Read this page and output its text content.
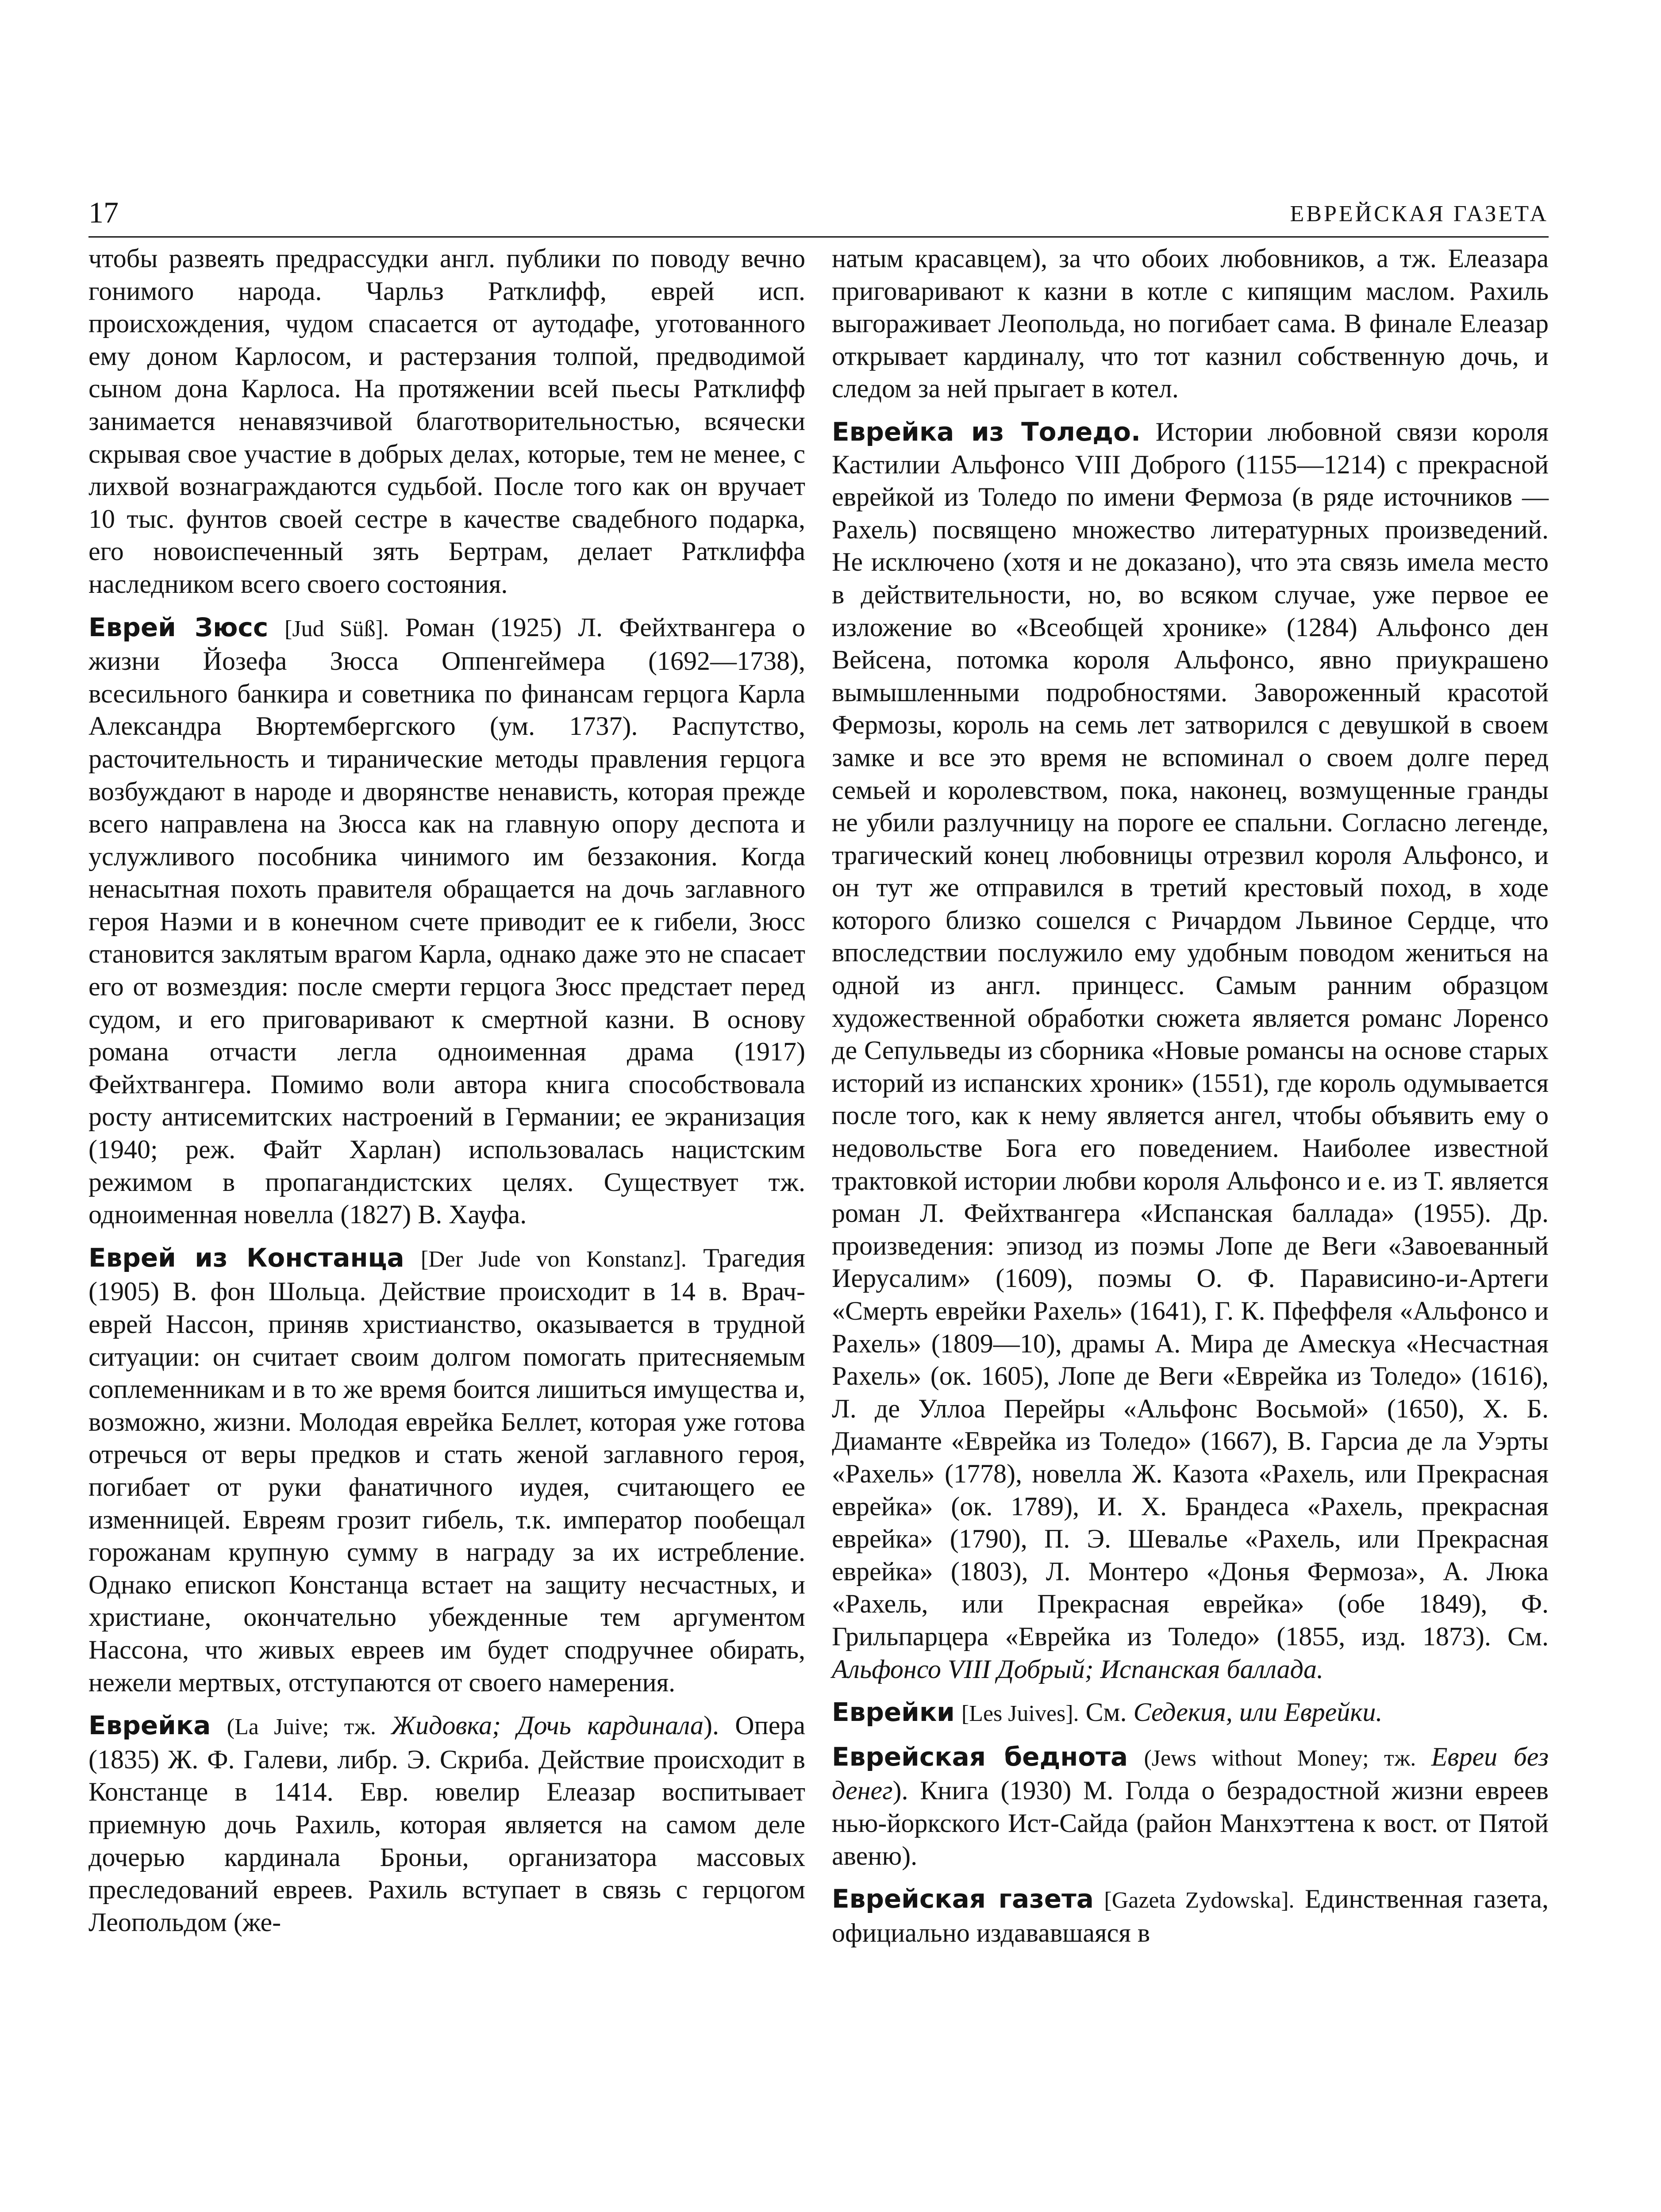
17	ЕВРЕЙСКАЯ ГАЗЕТА

чтобы развеять предрассудки англ. публики по поводу вечно гонимого народа. Чарльз Ратклифф, еврей исп. происхождения, чудом спасается от аутодафе, уготованного ему доном Карлосом, и растерзания толпой, предводимой сыном дона Карлоса. На протяжении всей пьесы Ратклифф занимается ненавязчивой благотворительностью, всячески скрывая свое участие в добрых делах, которые, тем не менее, с лихвой вознаграждаются судьбой. После того как он вручает 10 тыс. фунтов своей сестре в качестве свадебного подарка, его новоиспеченный зять Бертрам, делает Ратклиффа наследником всего своего состояния.

Еврей Зюсс [Jud Süß]. Роман (1925) Л. Фейхтвангера о жизни Йозефа Зюсса Оппенгеймера (1692—1738), всесильного банкира и советника по финансам герцога Карла Александра Вюртембергского (ум. 1737). Распутство, расточительность и тиранические методы правления герцога возбуждают в народе и дворянстве ненависть, которая прежде всего направлена на Зюсса как на главную опору деспота и услужливого пособника чинимого им беззакония. Когда ненасытная похоть правителя обращается на дочь заглавного героя Наэми и в конечном счете приводит ее к гибели, Зюсс становится заклятым врагом Карла, однако даже это не спасает его от возмездия: после смерти герцога Зюсс предстает перед судом, и его приговаривают к смертной казни. В основу романа отчасти легла одноименная драма (1917) Фейхтвангера. Помимо воли автора книга способствовала росту антисемитских настроений в Германии; ее экранизация (1940; реж. Файт Харлан) использовалась нацистским режимом в пропагандистских целях. Существует тж. одноименная новелла (1827) В. Хауфа.

Еврей из Констанца [Der Jude von Konstanz]. Трагедия (1905) В. фон Шольца. Действие происходит в 14 в. Врач-еврей Нассон, приняв христианство, оказывается в трудной ситуации: он считает своим долгом помогать притесняемым соплеменникам и в то же время боится лишиться имущества и, возможно, жизни. Молодая еврейка Беллет, которая уже готова отречься от веры предков и стать женой заглавного героя, погибает от руки фанатичного иудея, считающего ее изменницей. Евреям грозит гибель, т.к. император пообещал горожанам крупную сумму в награду за их истребление. Однако епископ Констанца встает на защиту несчастных, и христиане, окончательно убежденные тем аргументом Нассона, что живых евреев им будет сподручнее обирать, нежели мертвых, отступаются от своего намерения.

Еврейка (La Juive; тж. Жидовка; Дочь кардинала). Опера (1835) Ж. Ф. Галеви, либр. Э. Скриба. Действие происходит в Констанце в 1414. Евр. ювелир Елеазар воспитывает приемную дочь Рахиль, которая является на самом деле дочерью кардинала Броньи, организатора массовых преследований евреев. Рахиль вступает в связь с герцогом Леопольдом (же-

натым красавцем), за что обоих любовников, а тж. Елеазара приговаривают к казни в котле с кипящим маслом. Рахиль выгораживает Леопольда, но погибает сама. В финале Елеазар открывает кардиналу, что тот казнил собственную дочь, и следом за ней прыгает в котел.

Еврейка из Толедо. Истории любовной связи короля Кастилии Альфонсо VIII Доброго (1155—1214) с прекрасной еврейкой из Толедо по имени Фермоза (в ряде источников — Рахель) посвящено множество литературных произведений. Не исключено (хотя и не доказано), что эта связь имела место в действительности, но, во всяком случае, уже первое ее изложение во «Всеобщей хронике» (1284) Альфонсо ден Вейсена, потомка короля Альфонсо, явно приукрашено вымышленными подробностями. Завороженный красотой Фермозы, король на семь лет затворился с девушкой в своем замке и все это время не вспоминал о своем долге перед семьей и королевством, пока, наконец, возмущенные гранды не убили разлучницу на пороге ее спальни. Согласно легенде, трагический конец любовницы отрезвил короля Альфонсо, и он тут же отправился в третий крестовый поход, в ходе которого близко сошелся с Ричардом Львиное Сердце, что впоследствии послужило ему удобным поводом жениться на одной из англ. принцесс. Самым ранним образцом художественной обработки сюжета является романс Лоренсо де Сепульведы из сборника «Новые романсы на основе старых историй из испанских хроник» (1551), где король одумывается после того, как к нему является ангел, чтобы объявить ему о недовольстве Бога его поведением. Наиболее известной трактовкой истории любви короля Альфонсо и е. из Т. является роман Л. Фейхтвангера «Испанская баллада» (1955). Др. произведения: эпизод из поэмы Лопе де Веги «Завоеванный Иерусалим» (1609), поэмы О. Ф. Парависино-и-Артеги «Смерть еврейки Рахель» (1641), Г. К. Пфеффеля «Альфонсо и Рахель» (1809—10), драмы А. Мира де Амескуа «Несчастная Рахель» (ок. 1605), Лопе де Веги «Еврейка из Толедо» (1616), Л. де Уллоа Перейры «Альфонс Восьмой» (1650), Х. Б. Диаманте «Еврейка из Толедо» (1667), В. Гарсиа де ла Уэрты «Рахель» (1778), новелла Ж. Казота «Рахель, или Прекрасная еврейка» (ок. 1789), И. Х. Брандеса «Рахель, прекрасная еврейка» (1790), П. Э. Шевалье «Рахель, или Прекрасная еврейка» (1803), Л. Монтеро «Донья Фермоза», А. Люка «Рахель, или Прекрасная еврейка» (обе 1849), Ф. Грильпарцера «Еврейка из Толедо» (1855, изд. 1873). См. Альфонсо VIII Добрый; Испанская баллада.

Еврейки [Les Juives]. См. Седекия, или Еврейки.

Еврейская беднота (Jews without Money; тж. Евреи без денег). Книга (1930) М. Голда о безрадостной жизни евреев нью-йоркского Ист-Сайда (район Манхэттена к вост. от Пятой авеню).

Еврейская газета [Gazeta Zydowska]. Единственная газета, официально издававшаяся в
